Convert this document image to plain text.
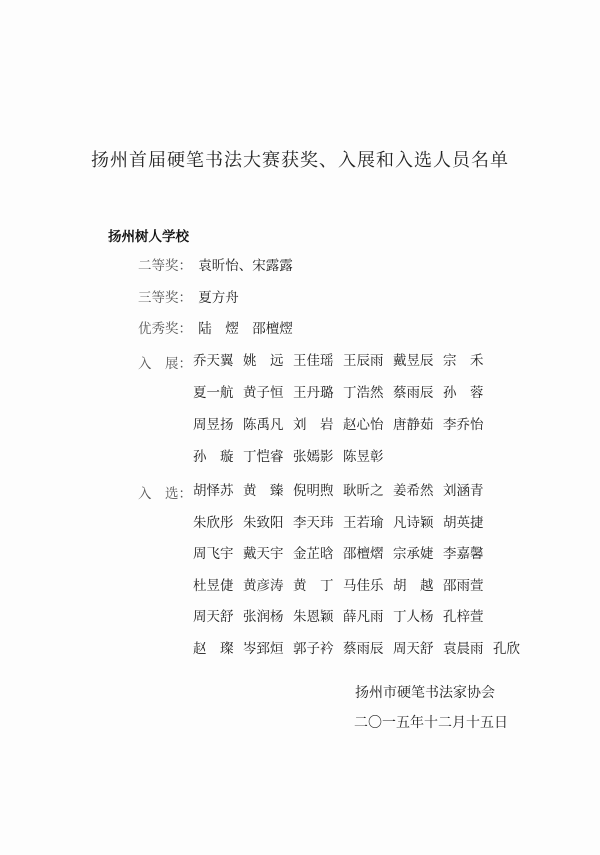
扬州首届硬笔书法大赛获奖、入展和入选人员名单
扬州树人学校
二等奖： 袁昕怡、宋露露
三等奖： 夏方舟
优秀奖： 陆　熤　邵檀熤
入　展： 乔天翼 姚　远 王佳瑶 王辰雨 戴昱辰 宗　禾
夏一航 黄子恒 王丹璐 丁浩然 蔡雨辰 孙　蓉
周昱扬 陈禹凡 刘　岩 赵心怡 唐静茹 李乔怡
孙　璇 丁恺睿 张嫣影 陈昱彰
入　选： 胡怿苏 黄　臻 倪明煦 耿昕之 姜希然 刘涵青
朱欣彤 朱致阳 李天玮 王若瑜 凡诗颖 胡英捷
周飞宇 戴天宇 金芷晗 邵檀熠 宗承婕 李嘉馨
杜昱倢 黄彦涛 黄　丁 马佳乐 胡　越 邵雨萱
周天舒 张润杨 朱恩颖 薛凡雨 丁人杨 孔梓萱
赵　璨 岑郅烜 郭子衿 蔡雨辰 周天舒 袁晨雨 孔欣
扬州市硬笔书法家协会
二〇一五年十二月十五日
